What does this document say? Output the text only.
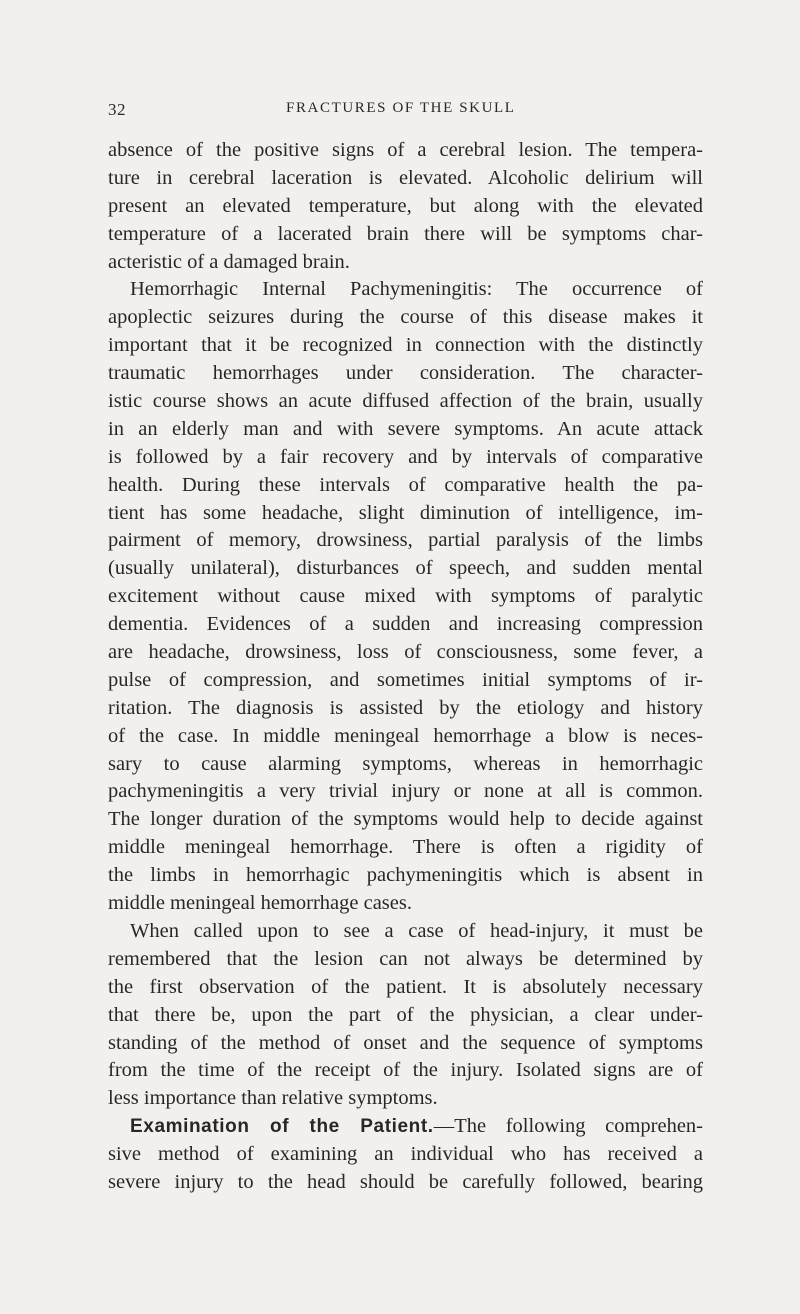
32	FRACTURES OF THE SKULL
absence of the positive signs of a cerebral lesion. The tempera-
ture in cerebral laceration is elevated. Alcoholic delirium will
present an elevated temperature, but along with the elevated
temperature of a lacerated brain there will be symptoms char-
acteristic of a damaged brain.
Hemorrhagic Internal Pachymeningitis: The occurrence of
apoplectic seizures during the course of this disease makes it
important that it be recognized in connection with the distinctly
traumatic hemorrhages under consideration. The character-
istic course shows an acute diffused affection of the brain, usually
in an elderly man and with severe symptoms. An acute attack
is followed by a fair recovery and by intervals of comparative
health. During these intervals of comparative health the pa-
tient has some headache, slight diminution of intelligence, im-
pairment of memory, drowsiness, partial paralysis of the limbs
(usually unilateral), disturbances of speech, and sudden mental
excitement without cause mixed with symptoms of paralytic
dementia. Evidences of a sudden and increasing compression
are headache, drowsiness, loss of consciousness, some fever, a
pulse of compression, and sometimes initial symptoms of ir-
ritation. The diagnosis is assisted by the etiology and history
of the case. In middle meningeal hemorrhage a blow is neces-
sary to cause alarming symptoms, whereas in hemorrhagic
pachymeningitis a very trivial injury or none at all is common.
The longer duration of the symptoms would help to decide against
middle meningeal hemorrhage. There is often a rigidity of
the limbs in hemorrhagic pachymeningitis which is absent in
middle meningeal hemorrhage cases.
When called upon to see a case of head-injury, it must be
remembered that the lesion can not always be determined by
the first observation of the patient. It is absolutely necessary
that there be, upon the part of the physician, a clear under-
standing of the method of onset and the sequence of symptoms
from the time of the receipt of the injury. Isolated signs are of
less importance than relative symptoms.
Examination of the Patient.—The following comprehen-
sive method of examining an individual who has received a
severe injury to the head should be carefully followed, bearing
